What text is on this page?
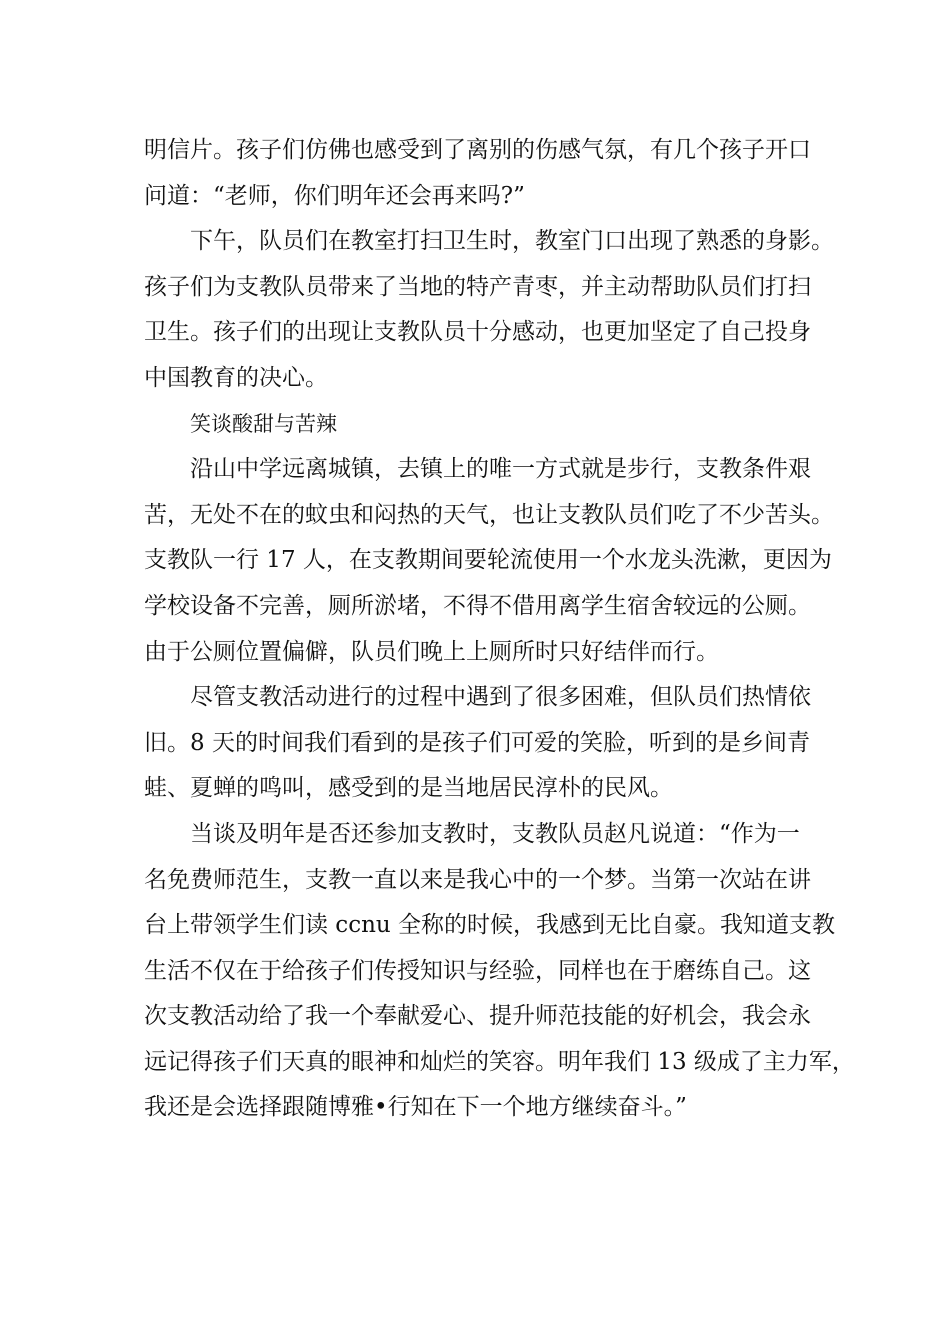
明信片。孩子们仿佛也感受到了离别的伤感气氛，有几个孩子开口
问道：“老师，你们明年还会再来吗?”
下午，队员们在教室打扫卫生时，教室门口出现了熟悉的身影。
孩子们为支教队员带来了当地的特产青枣，并主动帮助队员们打扫
卫生。孩子们的出现让支教队员十分感动，也更加坚定了自己投身
中国教育的决心。
笑谈酸甜与苦辣
沿山中学远离城镇，去镇上的唯一方式就是步行，支教条件艰
苦，无处不在的蚊虫和闷热的天气，也让支教队员们吃了不少苦头。
支教队一行 17 人，在支教期间要轮流使用一个水龙头洗漱，更因为
学校设备不完善，厕所淤堵，不得不借用离学生宿舍较远的公厕。
由于公厕位置偏僻，队员们晚上上厕所时只好结伴而行。
尽管支教活动进行的过程中遇到了很多困难，但队员们热情依
旧。8 天的时间我们看到的是孩子们可爱的笑脸，听到的是乡间青
蛙、夏蝉的鸣叫，感受到的是当地居民淳朴的民风。
当谈及明年是否还参加支教时，支教队员赵凡说道：“作为一
名免费师范生，支教一直以来是我心中的一个梦。当第一次站在讲
台上带领学生们读 ccnu 全称的时候，我感到无比自豪。我知道支教
生活不仅在于给孩子们传授知识与经验，同样也在于磨练自己。这
次支教活动给了我一个奉献爱心、提升师范技能的好机会，我会永
远记得孩子们天真的眼神和灿烂的笑容。明年我们 13 级成了主力军，
我还是会选择跟随博雅•行知在下一个地方继续奋斗。”
